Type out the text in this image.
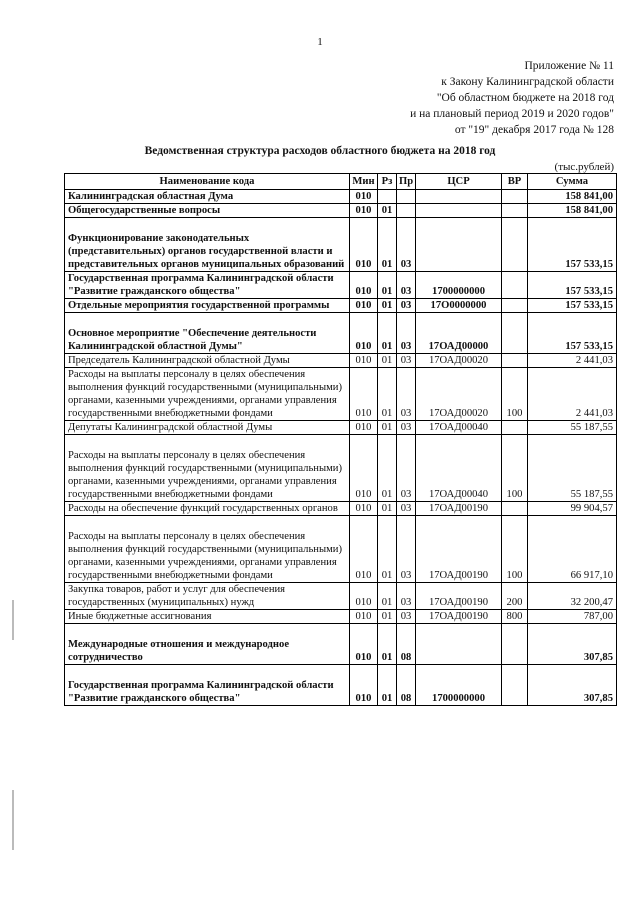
1
Приложение № 11
к Закону Калининградской области
"Об областном бюджете на 2018 год
и на плановый период 2019 и 2020 годов"
от "19" декабря 2017 года № 128
Ведомственная структура расходов областного бюджета на 2018 год
(тыс.рублей)
Наименование кода	Мин	Рз	Пр	ЦСР	ВР	Сумма
Калининградская областная Дума	010					158 841,00
Общегосударственные вопросы	010	01				158 841,00
Функционирование законодательных (представительных) органов государственной власти и представительных органов муниципальных образований	010	01	03			157 533,15
Государственная программа Калининградской области "Развитие гражданского общества"	010	01	03	1700000000		157 533,15
Отдельные мероприятия государственной программы	010	01	03	17О0000000		157 533,15
Основное мероприятие "Обеспечение деятельности Калининградской областной Думы"	010	01	03	17ОАД00000		157 533,15
Председатель Калининградской областной Думы	010	01	03	17ОАД00020		2 441,03
Расходы на выплаты персоналу в целях обеспечения выполнения функций государственными (муниципальными) органами, казенными учреждениями, органами управления государственными внебюджетными фондами	010	01	03	17ОАД00020	100	2 441,03
Депутаты Калининградской областной Думы	010	01	03	17ОАД00040		55 187,55
Расходы на выплаты персоналу в целях обеспечения выполнения функций государственными (муниципальными) органами, казенными учреждениями, органами управления государственными внебюджетными фондами	010	01	03	17ОАД00040	100	55 187,55
Расходы на обеспечение функций государственных органов	010	01	03	17ОАД00190		99 904,57
Расходы на выплаты персоналу в целях обеспечения выполнения функций государственными (муниципальными) органами, казенными учреждениями, органами управления государственными внебюджетными фондами	010	01	03	17ОАД00190	100	66 917,10
Закупка товаров, работ и услуг для обеспечения государственных (муниципальных) нужд	010	01	03	17ОАД00190	200	32 200,47
Иные бюджетные ассигнования	010	01	03	17ОАД00190	800	787,00
Международные отношения и международное сотрудничество	010	01	08			307,85
Государственная программа Калининградской области "Развитие гражданского общества"	010	01	08	1700000000		307,85
